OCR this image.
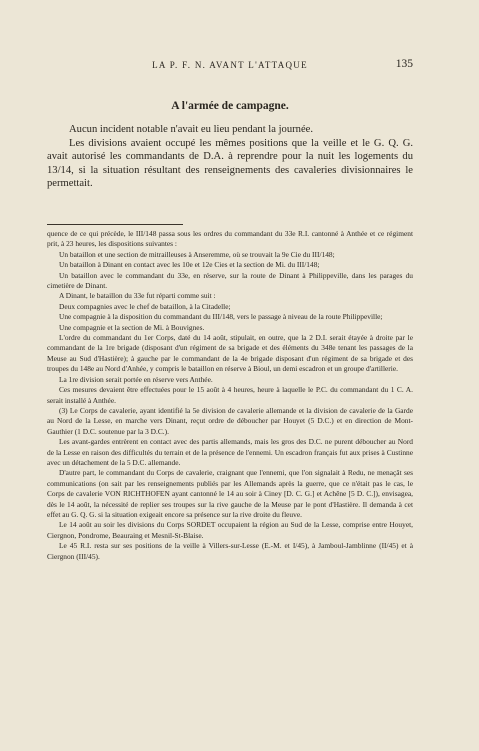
LA P. F. N. AVANT L'ATTAQUE	135
A l'armée de campagne.

Aucun incident notable n'avait eu lieu pendant la journée.

Les divisions avaient occupé les mêmes positions que la veille et le G. Q. G. avait autorisé les commandants de D.A. à reprendre pour la nuit les logements du 13/14, si la situation résultant des renseignements des cavaleries divisionnaires le permettait.

quence de ce qui précède, le III/148 passa sous les ordres du commandant du 33e R.I. cantonné à Anthée et ce régiment prit, à 23 heures, les dispositions suivantes :

Un bataillon et une section de mitrailleuses à Anseremme, où se trouvait la 9e Cie du III/148;

Un bataillon à Dinant en contact avec les 10e et 12e Cies et la section de Mi. du III/148;

Un bataillon avec le commandant du 33e, en réserve, sur la route de Dinant à Philippeville, dans les parages du cimetière de Dinant.

A Dinant, le bataillon du 33e fut réparti comme suit :

Deux compagnies avec le chef de bataillon, à la Citadelle;

Une compagnie à la disposition du commandant du III/148, vers le passage à niveau de la route Philippeville;

Une compagnie et la section de Mi. à Bouvignes.

L'ordre du commandant du 1er Corps, daté du 14 août, stipulait, en outre, que la 2 D.I. serait étayée à droite par le commandant de la 1re brigade (disposant d'un régiment de sa brigade et des éléments du 348e tenant les passages de la Meuse au Sud d'Hastière); à gauche par le commandant de la 4e brigade disposant d'un régiment de sa brigade et des troupes du 148e au Nord d'Anhée, y compris le bataillon en réserve à Bioul, un demi escadron et un groupe d'artillerie.

La 1re division serait portée en réserve vers Anthée.

Ces mesures devaient être effectuées pour le 15 août à 4 heures, heure à laquelle le P.C. du commandant du 1 C. A. serait installé à Anthée.

(3) Le Corps de cavalerie, ayant identifié la 5e division de cavalerie allemande et la division de cavalerie de la Garde au Nord de la Lesse, en marche vers Dinant, reçut ordre de déboucher par Houyet (5 D.C.) et en direction de Mont-Gauthier (1 D.C. soutenue par la 3 D.C.).

Les avant-gardes entrèrent en contact avec des partis allemands, mais les gros des D.C. ne purent déboucher au Nord de la Lesse en raison des difficultés du terrain et de la présence de l'ennemi. Un escadron français fut aux prises à Custinne avec un détachement de la 5 D.C. allemande.

D'autre part, le commandant du Corps de cavalerie, craignant que l'ennemi, que l'on signalait à Redu, ne menaçât ses communications (on sait par les renseignements publiés par les Allemands après la guerre, que ce n'était pas le cas, le Corps de cavalerie VON RICHTHOFEN ayant cantonné le 14 au soir à Ciney [D. C. G.] et Achêne [5 D. C.]), envisagea, dès le 14 août, la nécessité de replier ses troupes sur la rive gauche de la Meuse par le pont d'Hastière. Il demanda à cet effet au G. Q. G. si la situation exigeait encore sa présence sur la rive droite du fleuve.

Le 14 août au soir les divisions du Corps SORDET occupaient la région au Sud de la Lesse, comprise entre Houyet, Ciergnon, Pondrome, Beauraing et Mesnil-St-Blaise.

Le 45 R.I. resta sur ses positions de la veille à Villers-sur-Lesse (E.-M. et I/45), à Jamboul-Jamblinne (II/45) et à Ciergnon (III/45).
